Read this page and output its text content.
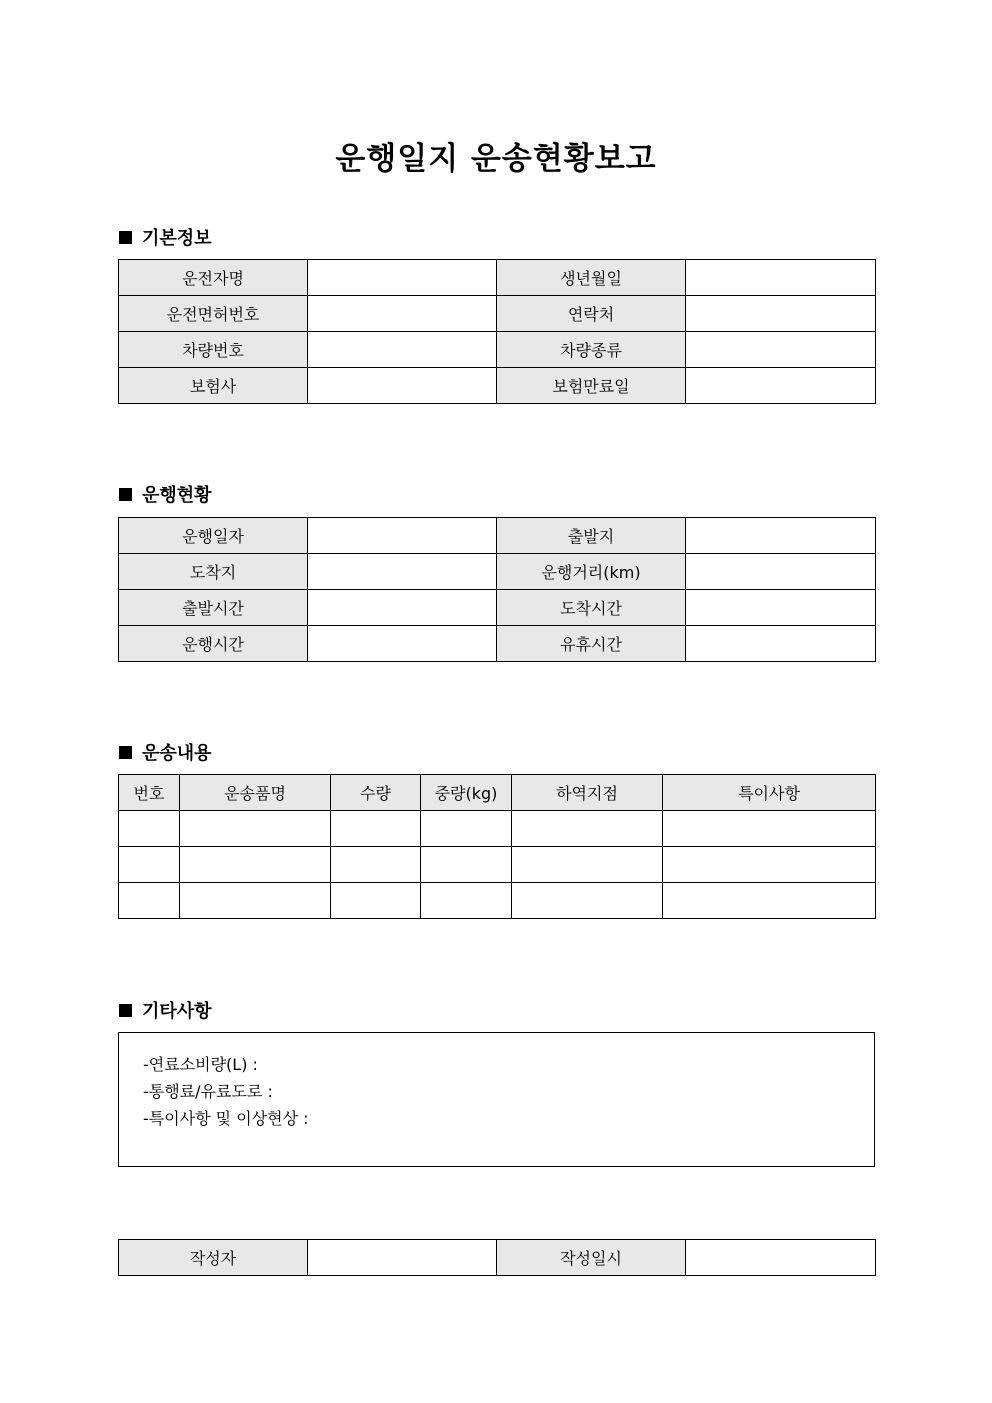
운행일지 운송현황보고
기본정보
운전자명		생년월일	
운전면허번호		연락처	
차량번호		차량종류	
보험사		보험만료일	
운행현황
운행일자		출발지	
도착지		운행거리(km)	
출발시간		도착시간	
운행시간		유휴시간	
운송내용
번호	운송품명	수량	중량(kg)	하역지점	특이사항

기타사항
-연료소비량(L) :
-통행료/유료도로 :
-특이사항 및 이상현상 :
작성자		작성일시	
